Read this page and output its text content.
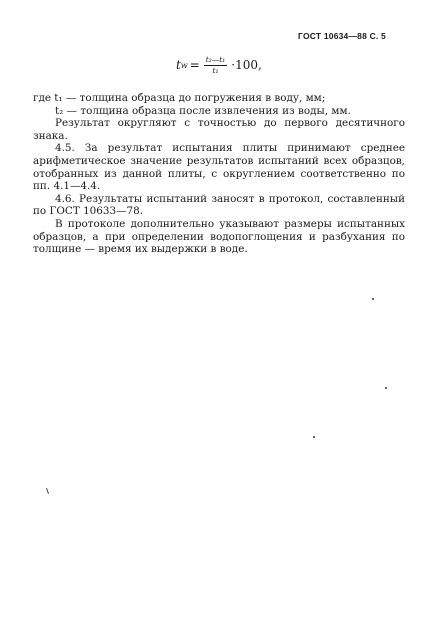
ГОСТ 10634—88 С. 5
t $w = \frac{\text{t₂—t₁}}{\text{t₁}} \cdot 100$,

где t₁ — толщина образца до погружения в воду, мм;

t₂ — толщина образца после извлечения из воды, мм.

Результат округляют с точностью до первого десятичного знака.

4.5. За результат испытания плиты принимают среднее арифметическое значение результатов испытаний всех образцов, отобранных из данной плиты, с округлением соответственно по пп. 4.1—4.4.

4.6. Результаты испытаний заносят в протокол, составленный по ГОСТ 10633—78.

В протоколе дополнительно указывают размеры испытанных образцов, а при определении водопоглощения и разбухания по толщине — время их выдержки в воде.
